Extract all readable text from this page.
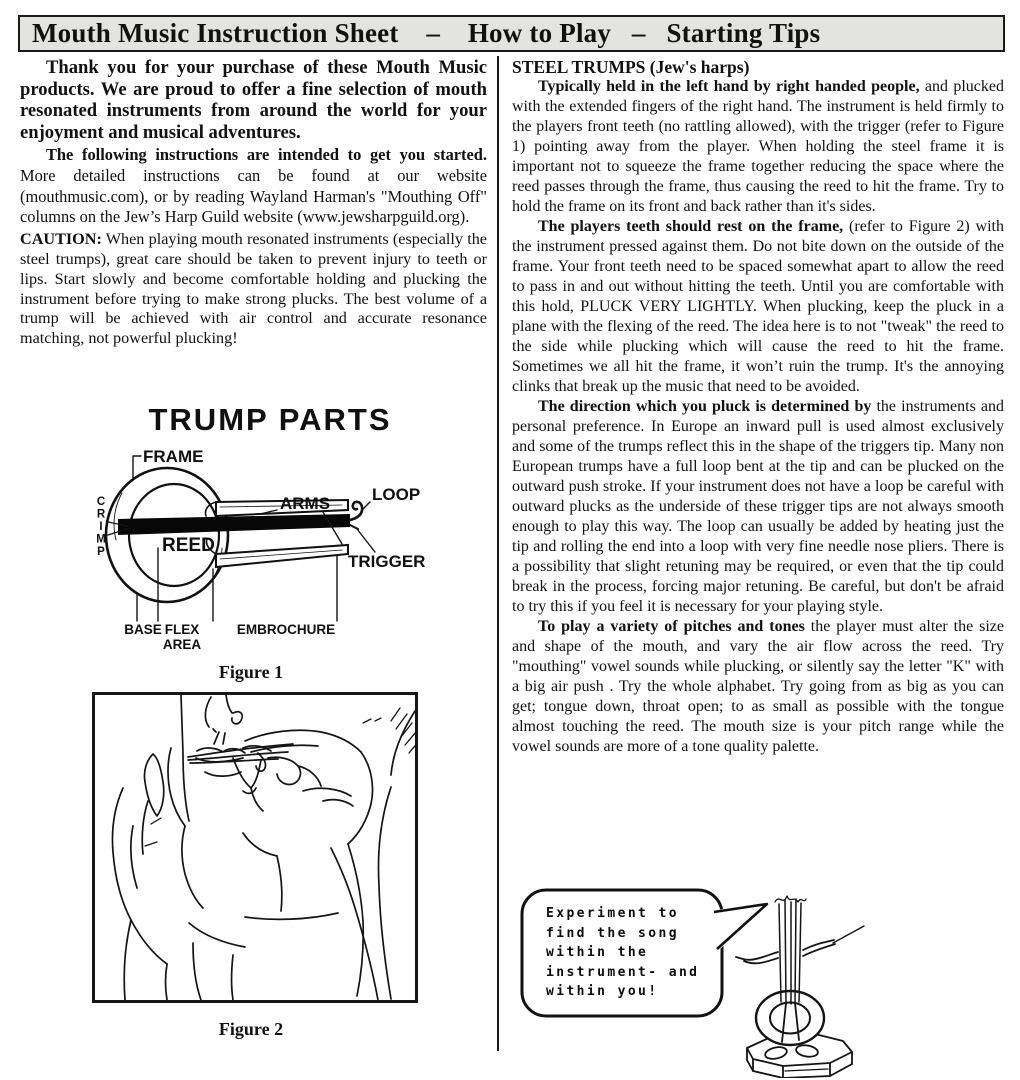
Mouth Music Instruction Sheet    –    How to Play   –   Starting Tips

Thank you for your purchase of these Mouth Music products. We are proud to offer a fine selection of mouth resonated instruments from around the world for your enjoyment and musical adventures.

The following instructions are intended to get you started. More detailed instructions can be found at our website (mouthmusic.com), or by reading Wayland Harman's "Mouthing Off" columns on the Jew’s Harp Guild website (www.jewsharpguild.org).

CAUTION: When playing mouth resonated instruments (especially the steel trumps), great care should be taken to prevent injury to teeth or lips. Start slowly and become comfortable holding and plucking the instrument before trying to make strong plucks. The best volume of a trump will be achieved with air control and accurate resonance matching, not powerful plucking!

TRUMP PARTS
FRAME
C
R
I
M
P	REED
ARMS LOOP
TRIGGER
BASE FLEX
AREA
EMBROCHURE
Figure 1
Figure 2
STEEL TRUMPS (Jew's harps)

Typically held in the left hand by right handed people, and plucked with the extended fingers of the right hand. The instrument is held firmly to the players front teeth (no rattling allowed), with the trigger (refer to Figure 1) pointing away from the player. When holding the steel frame it is important not to squeeze the frame together reducing the space where the reed passes through the frame, thus causing the reed to hit the frame. Try to hold the frame on its front and back rather than it's sides.

The players teeth should rest on the frame, (refer to Figure 2) with the instrument pressed against them. Do not bite down on the outside of the frame. Your front teeth need to be spaced somewhat apart to allow the reed to pass in and out without hitting the teeth. Until you are comfortable with this hold, PLUCK VERY LIGHTLY. When plucking, keep the pluck in a plane with the flexing of the reed. The idea here is to not "tweak" the reed to the side while plucking which will cause the reed to hit the frame. Sometimes we all hit the frame, it won’t ruin the trump. It's the annoying clinks that break up the music that need to be avoided.

The direction which you pluck is determined by the instruments and personal preference. In Europe an inward pull is used almost exclusively and some of the trumps reflect this in the shape of the triggers tip. Many non European trumps have a full loop bent at the tip and can be plucked on the outward push stroke. If your instrument does not have a loop be careful with outward plucks as the underside of these trigger tips are not always smooth enough to play this way. The loop can usually be added by heating just the tip and rolling the end into a loop with very fine needle nose pliers. There is a possibility that slight retuning may be required, or even that the tip could break in the process, forcing major retuning. Be careful, but don't be afraid to try this if you feel it is necessary for your playing style.

To play a variety of pitches and tones the player must alter the size and shape of the mouth, and vary the air flow across the reed. Try "mouthing" vowel sounds while plucking, or silently say the letter "K" with a big air push . Try the whole alphabet. Try going from as big as you can get; tongue down, throat open; to as small as possible with the tongue almost touching the reed. The mouth size is your pitch range while the vowel sounds are more of a tone quality palette.

Experiment to
find the song
within the
instrument- and
within you!
